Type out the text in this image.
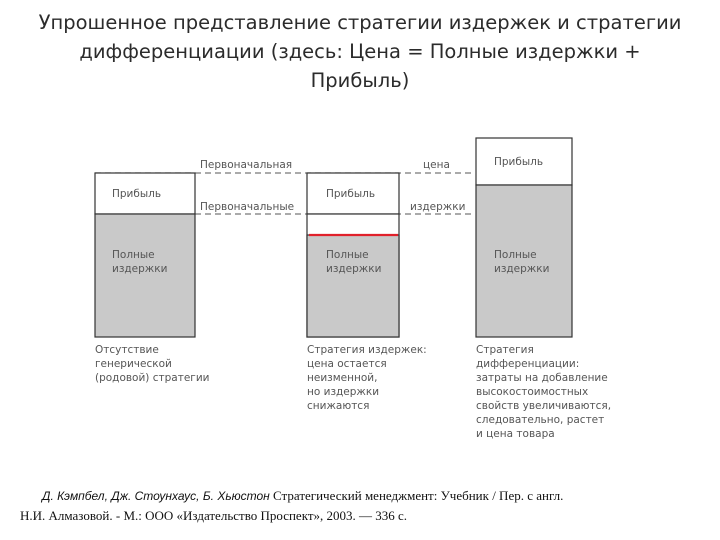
Упрошенное представление стратегии издержек и стратегии
дифференциации (здесь: Цена = Полные издержки +
Прибыль)
Первоначальная
Первоначальные
цена
издержки
Прибыль
Полные
издержки
Отсутствие
генерической
(родовой) стратегии
Прибыль
Полные
издержки
Стратегия издержек:
цена остается
неизменной,
но издержки
снижаются
Прибыль
Полные
издержки
Стратегия
дифференциации:
затраты на добавление
высокостоимостных
свойств увеличиваются,
следовательно, растет
и цена товара
Д. Кэмпбел, Дж. Стоунхаус, Б. Хьюстон Стратегический менеджмент: Учебник / Пер. с англ.
Н.И. Алмазовой. - М.: ООО «Издательство Проспект», 2003. — 336 с.
